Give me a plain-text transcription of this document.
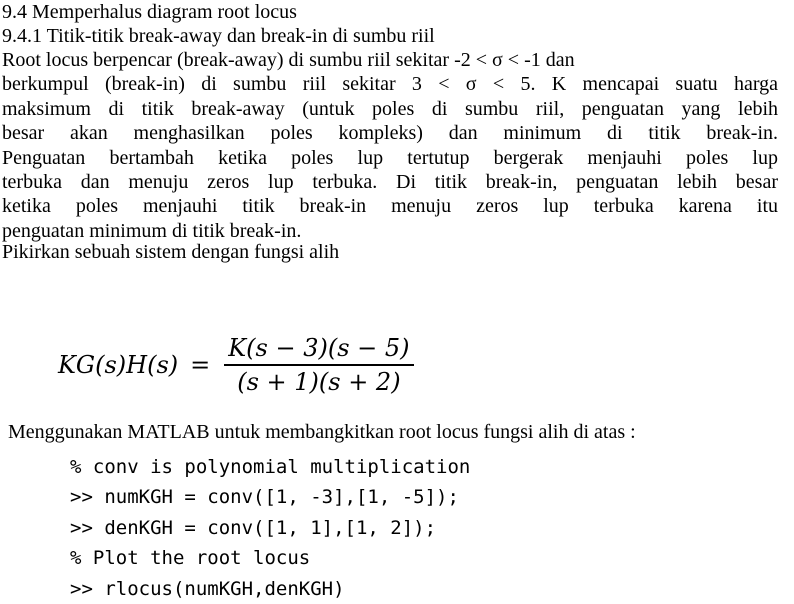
9.4 Memperhalus diagram root locus
9.4.1 Titik-titik break-away dan break-in di sumbu riil
Root locus berpencar (break-away) di sumbu riil sekitar -2 < σ < -1 dan
berkumpul (break-in) di sumbu riil sekitar 3 < σ < 5. K mencapai suatu harga
maksimum di titik break-away (untuk poles di sumbu riil, penguatan yang lebih
besar akan menghasilkan poles kompleks) dan minimum di titik break-in.
Penguatan bertambah ketika poles lup tertutup bergerak menjauhi poles lup
terbuka dan menuju zeros lup terbuka. Di titik break-in, penguatan lebih besar
ketika poles menjauhi titik break-in menuju zeros lup terbuka karena itu
penguatan minimum di titik break-in.
Pikirkan sebuah sistem dengan fungsi alih
$KG(s)H(s) = \frac{K(s - 3)(s - 5)}{(s + 1)(s + 2)}$
Menggunakan MATLAB untuk membangkitkan root locus fungsi alih di atas :
% conv is polynomial multiplication
>> numKGH = conv([1, -3],[1, -5]);
>> denKGH = conv([1, 1],[1, 2]);
% Plot the root locus
>> rlocus(numKGH,denKGH)
